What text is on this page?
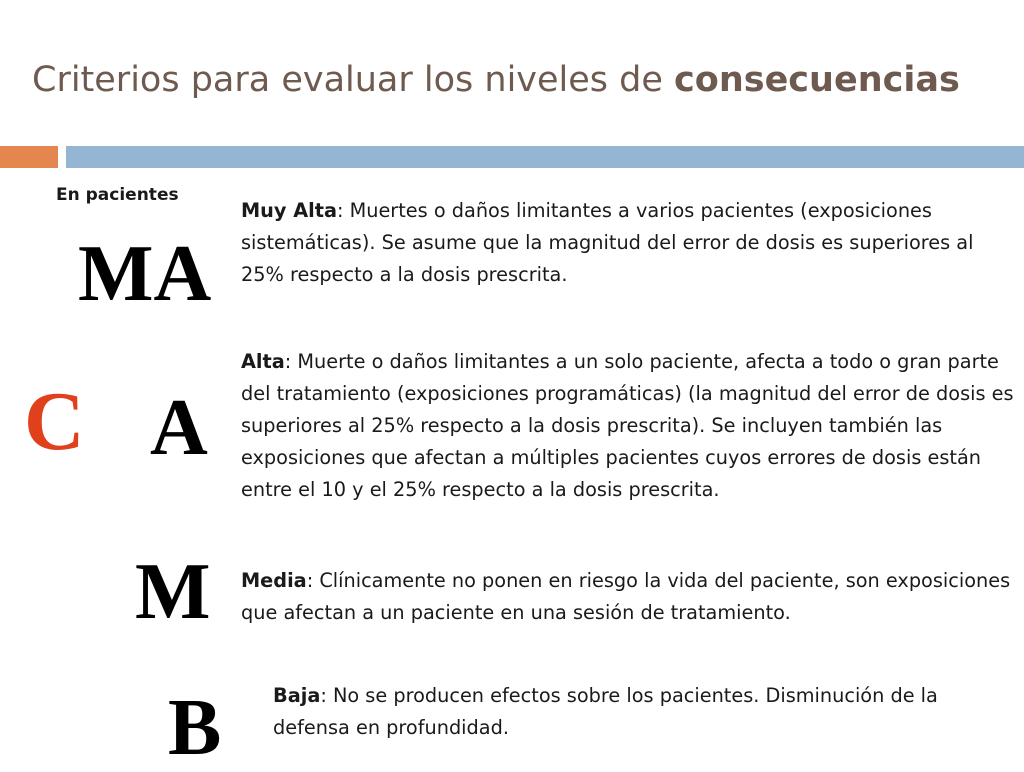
Criterios para evaluar los niveles de consecuencias
En pacientes
MA
C A
M
B

Muy Alta: Muertes o daños limitantes a varios pacientes (exposiciones sistemáticas). Se asume que la magnitud del error de dosis es superiores al 25% respecto a la dosis prescrita.

Alta: Muerte o daños limitantes a un solo paciente, afecta a todo o gran parte del tratamiento (exposiciones programáticas) (la magnitud del error de dosis es superiores al 25% respecto a la dosis prescrita). Se incluyen también las exposiciones que afectan a múltiples pacientes cuyos errores de dosis están entre el 10 y el 25% respecto a la dosis prescrita.

Media: Clínicamente no ponen en riesgo la vida del paciente, son exposiciones que afectan a un paciente en una sesión de tratamiento.

Baja: No se producen efectos sobre los pacientes. Disminución de la defensa en profundidad.
